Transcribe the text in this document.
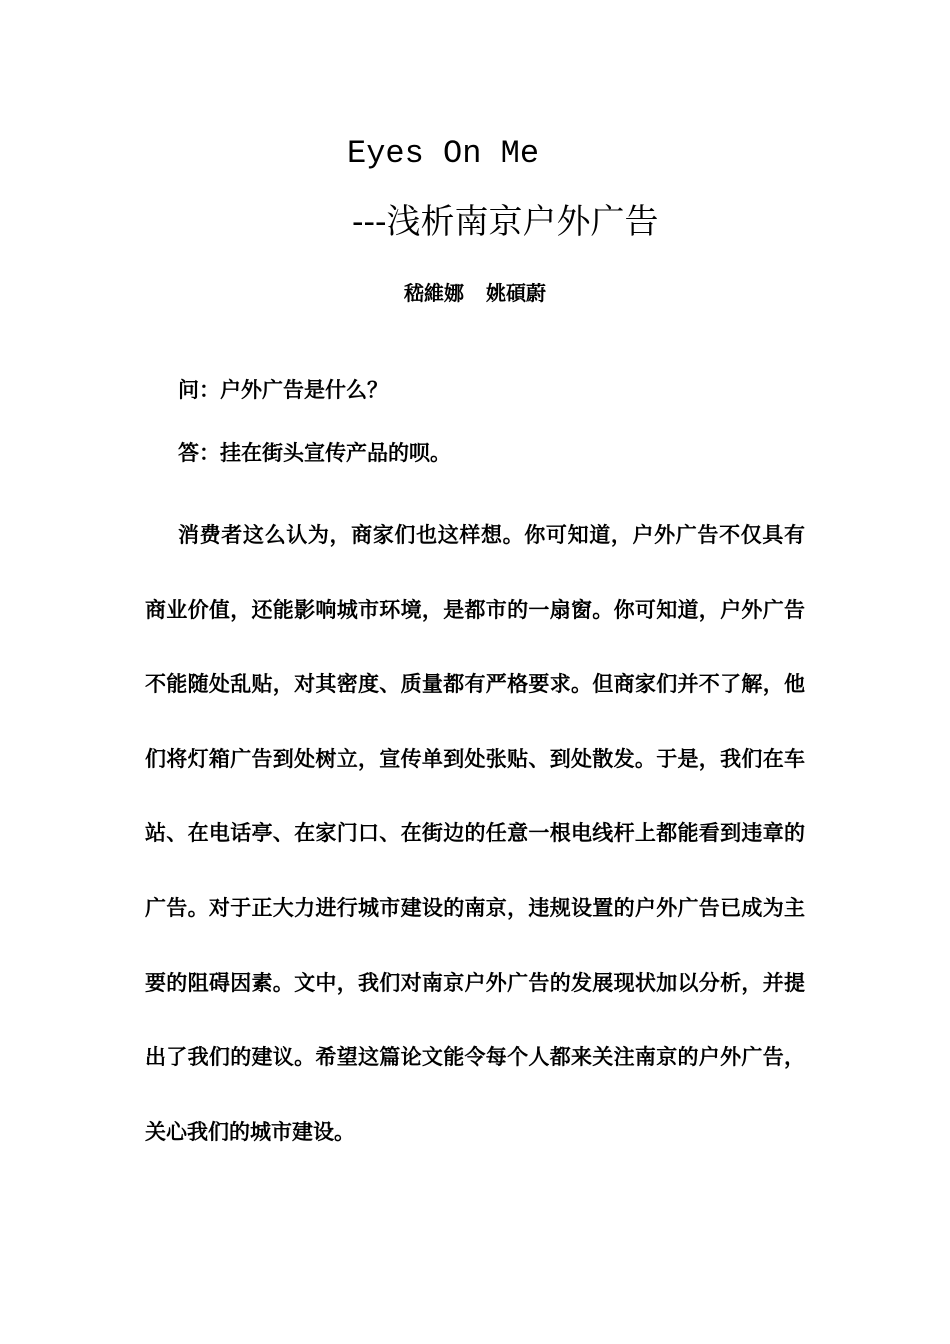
Eyes On Me
---浅析南京户外广告
嵇維娜 姚碩蔚
问：户外广告是什么？
答：挂在街头宣传产品的呗。

消费者这么认为，商家们也这样想。你可知道，户外广告不仅具有商业价值，还能影响城市环境，是都市的一扇窗。你可知道，户外广告不能随处乱贴，对其密度、质量都有严格要求。但商家们并不了解，他们将灯箱广告到处树立，宣传单到处张贴、到处散发。于是，我们在车站、在电话亭、在家门口、在街边的任意一根电线杆上都能看到违章的广告。对于正大力进行城市建设的南京，违规设置的户外广告已成为主要的阻碍因素。文中，我们对南京户外广告的发展现状加以分析，并提出了我们的建议。希望这篇论文能令每个人都来关注南京的户外广告，关心我们的城市建设。
